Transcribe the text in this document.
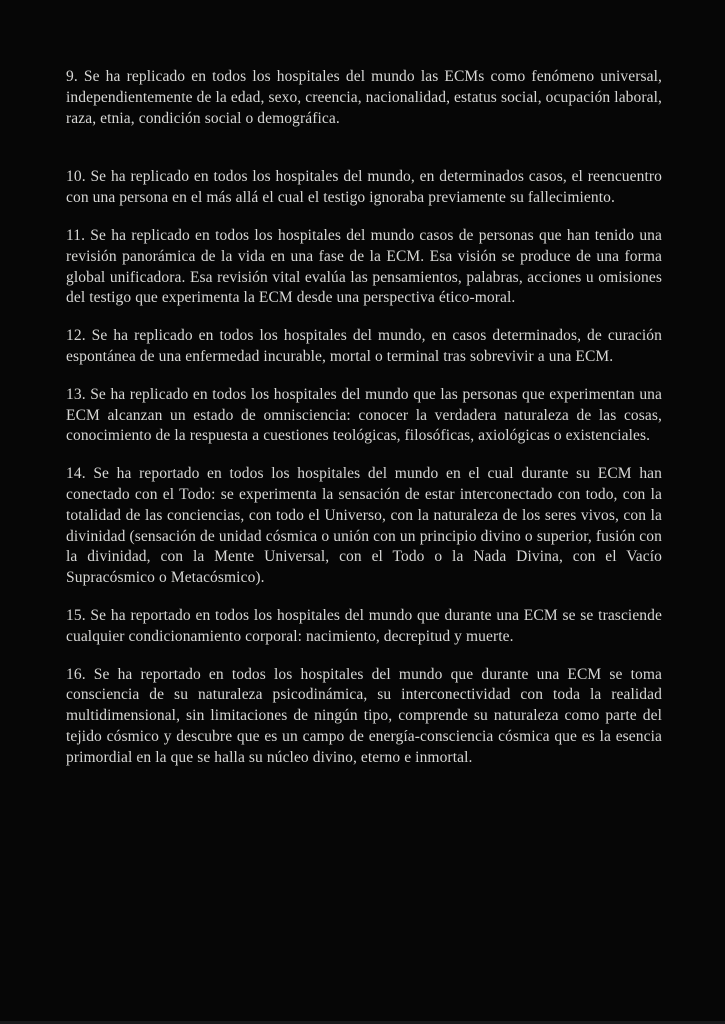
9. Se ha replicado en todos los hospitales del mundo las ECMs como fenómeno universal, independientemente de la edad, sexo, creencia, nacionalidad, estatus social, ocupación laboral, raza, etnia, condición social o demográfica.

10. Se ha replicado en todos los hospitales del mundo, en determinados casos, el reencuentro con una persona en el más allá el cual el testigo ignoraba previamente su fallecimiento.

11. Se ha replicado en todos los hospitales del mundo casos de personas que han tenido una revisión panorámica de la vida en una fase de la ECM. Esa visión se produce de una forma global unificadora. Esa revisión vital evalúa las pensamientos, palabras, acciones u omisiones del testigo que experimenta la ECM desde una perspectiva ético-moral.

12. Se ha replicado en todos los hospitales del mundo, en casos determinados, de curación espontánea de una enfermedad incurable, mortal o terminal tras sobrevivir a una ECM.

13. Se ha replicado en todos los hospitales del mundo que las personas que experimentan una ECM alcanzan un estado de omnisciencia: conocer la verdadera naturaleza de las cosas, conocimiento de la respuesta a cuestiones teológicas, filosóficas, axiológicas o existenciales.

14. Se ha reportado en todos los hospitales del mundo en el cual durante su ECM han conectado con el Todo: se experimenta la sensación de estar interconectado con todo, con la totalidad de las conciencias, con todo el Universo, con la naturaleza de los seres vivos, con la divinidad (sensación de unidad cósmica o unión con un principio divino o superior, fusión con la divinidad, con la Mente Universal, con el Todo o la Nada Divina, con el Vacío Supracósmico o Metacósmico).

15. Se ha reportado en todos los hospitales del mundo que durante una ECM se se trasciende cualquier condicionamiento corporal: nacimiento, decrepitud y muerte.

16. Se ha reportado en todos los hospitales del mundo que durante una ECM se toma consciencia de su naturaleza psicodinámica, su interconectividad con toda la realidad multidimensional, sin limitaciones de ningún tipo, comprende su naturaleza como parte del tejido cósmico y descubre que es un campo de energía-consciencia cósmica que es la esencia primordial en la que se halla su núcleo divino, eterno e inmortal.
